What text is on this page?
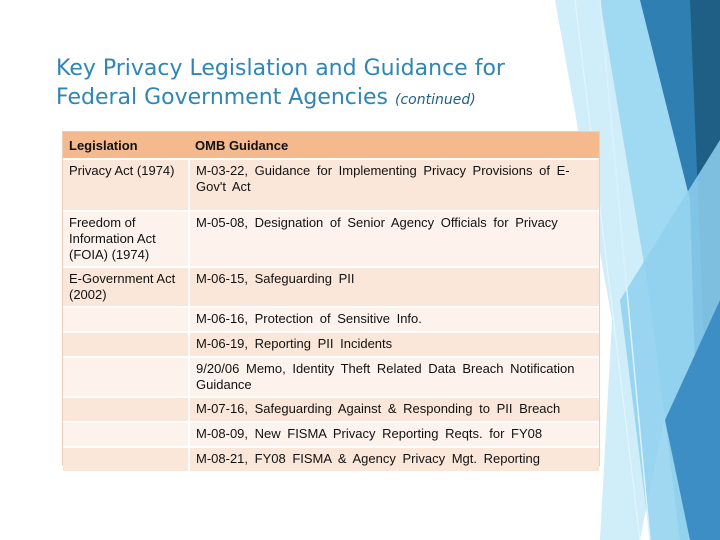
Key Privacy Legislation and Guidance for Federal Government Agencies (continued)
Legislation	OMB Guidance
Privacy Act (1974)	M-03-22, Guidance for Implementing Privacy Provisions of E-Gov't Act
Freedom of Information Act (FOIA) (1974)	M-05-08, Designation of Senior Agency Officials for Privacy
E-Government Act (2002)	M-06-15, Safeguarding PII
	M-06-16, Protection of Sensitive Info.
	M-06-19, Reporting PII Incidents
	9/20/06 Memo, Identity Theft Related Data Breach Notification Guidance
	M-07-16, Safeguarding Against & Responding to PII Breach
	M-08-09, New FISMA Privacy Reporting Reqts. for FY08
	M-08-21, FY08 FISMA & Agency Privacy Mgt. Reporting
